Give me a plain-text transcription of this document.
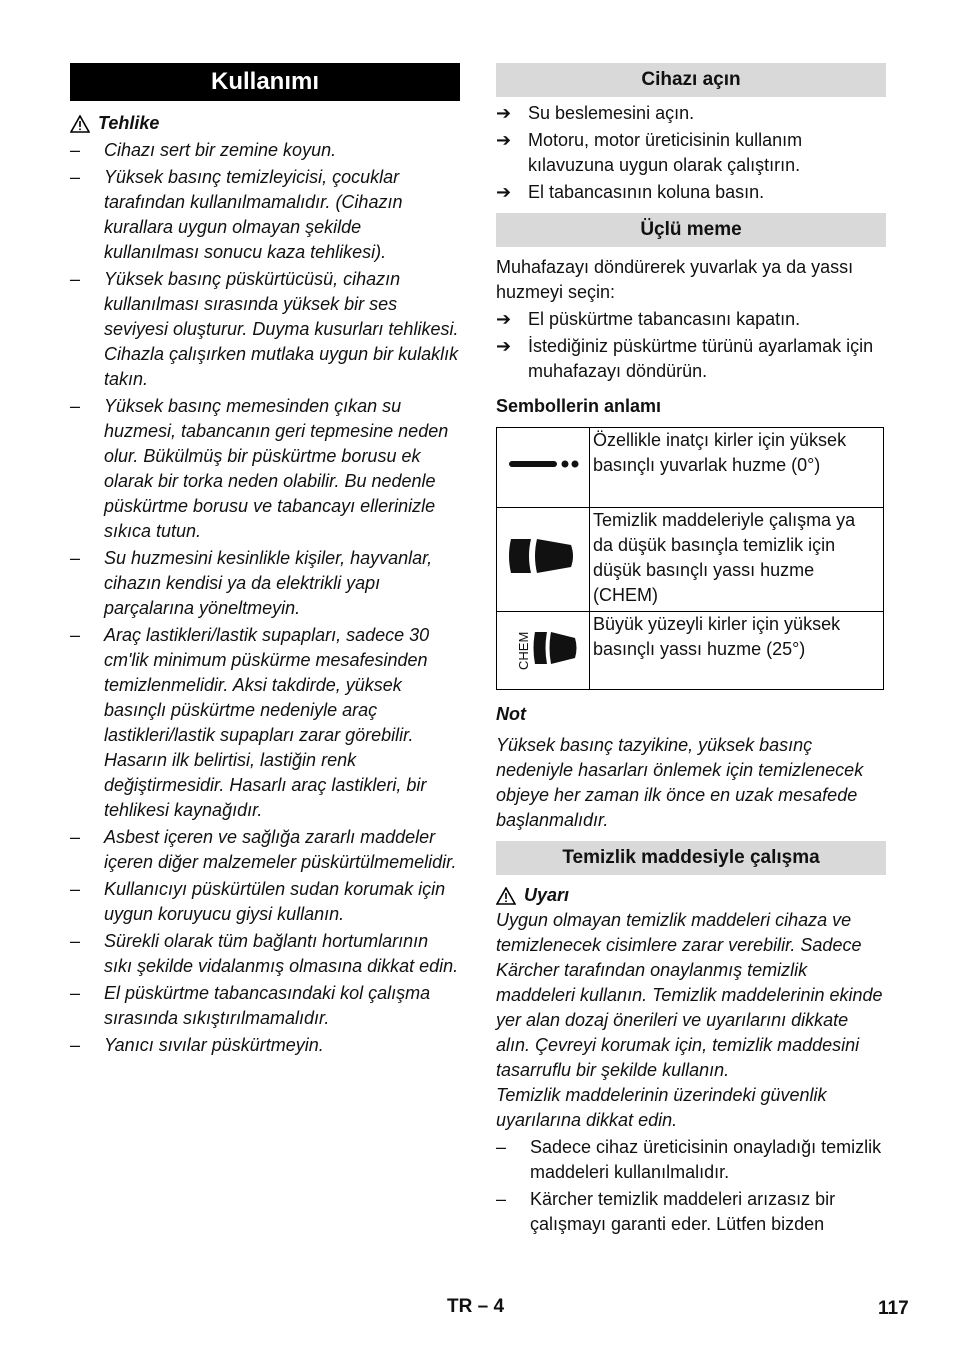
Kullanımı
Tehlike
– Cihazı sert bir zemine koyun.
– Yüksek basınç temizleyicisi, çocuklar tarafından kullanılmamalıdır. (Cihazın kurallara uygun olmayan şekilde kullanılması sonucu kaza tehlikesi).
– Yüksek basınç püskürtücüsü, cihazın kullanılması sırasında yüksek bir ses seviyesi oluşturur. Duyma kusurları tehlikesi. Cihazla çalışırken mutlaka uygun bir kulaklık takın.
– Yüksek basınç memesinden çıkan su huzmesi, tabancanın geri tepmesine neden olur. Bükülmüş bir püskürtme borusu ek olarak bir torka neden olabilir. Bu nedenle püskürtme borusu ve tabancayı ellerinizle sıkıca tutun.
– Su huzmesini kesinlikle kişiler, hayvanlar, cihazın kendisi ya da elektrikli yapı parçalarına yöneltmeyin.
– Araç lastikleri/lastik supapları, sadece 30 cm'lik minimum püskürme mesafesinden temizlenmelidir. Aksi takdirde, yüksek basınçlı püskürtme nedeniyle araç lastikleri/lastik supapları zarar görebilir. Hasarın ilk belirtisi, lastiğin renk değiştirmesidir. Hasarlı araç lastikleri, bir tehlikesi kaynağıdır.
– Asbest içeren ve sağlığa zararlı maddeler içeren diğer malzemeler püskürtülmemelidir.
– Kullanıcıyı püskürtülen sudan korumak için uygun koruyucu giysi kullanın.
– Sürekli olarak tüm bağlantı hortumlarının sıkı şekilde vidalanmış olmasına dikkat edin.
– El püskürtme tabancasındaki kol çalışma sırasında sıkıştırılmamalıdır.
– Yanıcı sıvılar püskürtmeyin.
Cihazı açın
➔ Su beslemesini açın.
➔ Motoru, motor üreticisinin kullanım kılavuzuna uygun olarak çalıştırın.
➔ El tabancasının koluna basın.
Üçlü meme

Muhafazayı döndürerek yuvarlak ya da yassı huzmeyi seçin:

➔ El püskürtme tabancasını kapatın.
➔ İstediğiniz püskürtme türünü ayarlamak için muhafazayı döndürün.
Sembollerin anlamı
	Özellikle inatçı kirler için yüksek basınçlı yuvarlak huzme (0°)
	Temizlik maddeleriyle çalışma ya da düşük basınçla temizlik için düşük basınçlı yassı huzme (CHEM)

CHEM	Büyük yüzeyli kirler için yüksek basınçlı yassı huzme (25°)
Not

Yüksek basınç tazyikine, yüksek basınç nedeniyle hasarları önlemek için temizlenecek objeye her zaman ilk önce en uzak mesafede başlanmalıdır.

Temizlik maddesiyle çalışma
Uyarı

Uygun olmayan temizlik maddeleri cihaza ve temizlenecek cisimlere zarar verebilir. Sadece Kärcher tarafından onaylanmış temizlik maddeleri kullanın. Temizlik maddelerinin ekinde yer alan dozaj önerileri ve uyarılarını dikkate alın. Çevreyi korumak için, temizlik maddesini tasarruflu bir şekilde kullanın.

Temizlik maddelerinin üzerindeki güvenlik uyarılarına dikkat edin.

– Sadece cihaz üreticisinin onayladığı temizlik maddeleri kullanılmalıdır.
– Kärcher temizlik maddeleri arızasız bir çalışmayı garanti eder. Lütfen bizden
TR – 4	117
